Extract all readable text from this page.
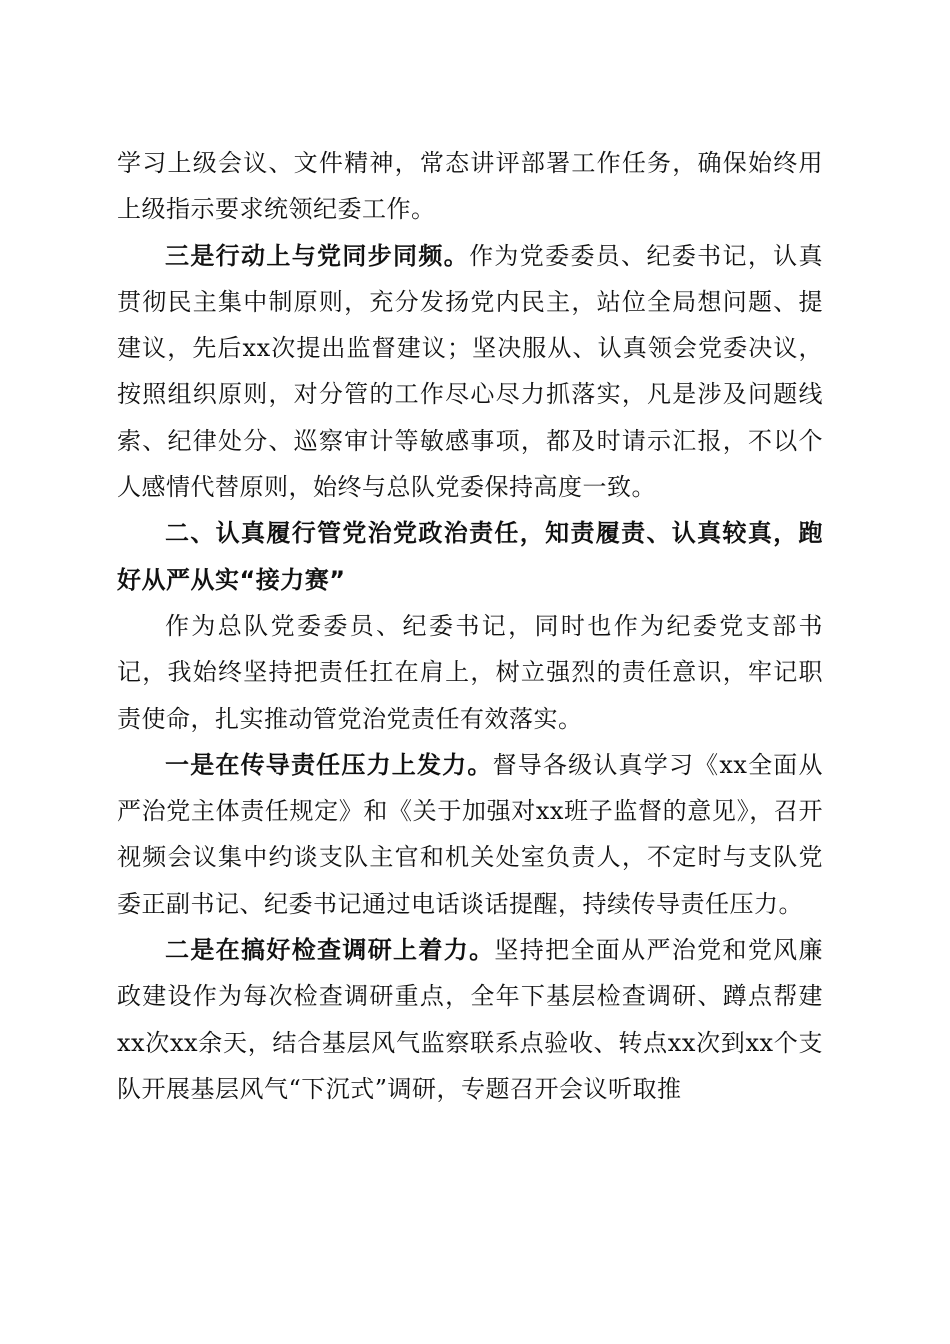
学习上级会议、文件精神，常态讲评部署工作任务，确保始终用上级指示要求统领纪委工作。

三是行动上与党同步同频。作为党委委员、纪委书记，认真贯彻民主集中制原则，充分发扬党内民主，站位全局想问题、提建议，先后xx次提出监督建议；坚决服从、认真领会党委决议，按照组织原则，对分管的工作尽心尽力抓落实，凡是涉及问题线索、纪律处分、巡察审计等敏感事项，都及时请示汇报，不以个人感情代替原则，始终与总队党委保持高度一致。

二、认真履行管党治党政治责任，知责履责、认真较真，跑好从严从实“接力赛”

作为总队党委委员、纪委书记，同时也作为纪委党支部书记，我始终坚持把责任扛在肩上，树立强烈的责任意识，牢记职责使命，扎实推动管党治党责任有效落实。

一是在传导责任压力上发力。督导各级认真学习《xx全面从严治党主体责任规定》和《关于加强对xx班子监督的意见》，召开视频会议集中约谈支队主官和机关处室负责人，不定时与支队党委正副书记、纪委书记通过电话谈话提醒，持续传导责任压力。

二是在搞好检查调研上着力。坚持把全面从严治党和党风廉政建设作为每次检查调研重点，全年下基层检查调研、蹲点帮建xx次xx余天，结合基层风气监察联系点验收、转点xx次到xx个支队开展基层风气“下沉式”调研，专题召开会议听取推
